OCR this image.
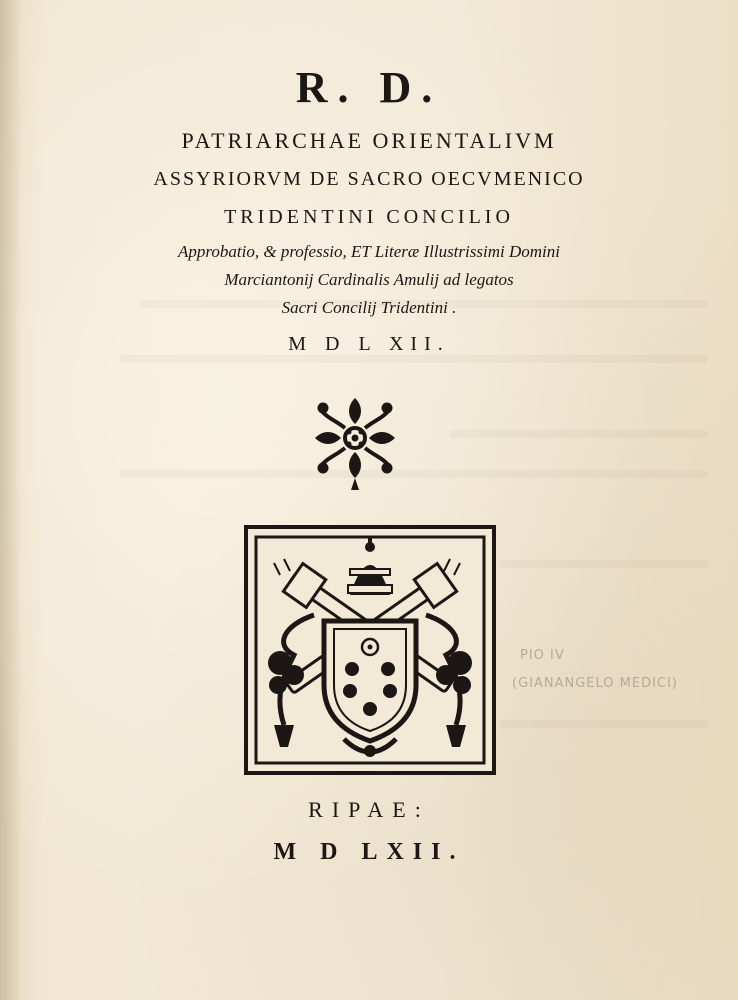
R. D.
PATRIARCHAE ORIENTALIVM
ASSYRIORVM DE SACRO OECVMENICO
TRIDENTINI CONCILIO
Approbatio, & professio, ET Literæ Illustrissimi Domini
Marciantonij Cardinalis Amulij ad legatos
Sacri Concilij Tridentini .
M D L XII.
RIPAE:
M D LXII.
PIO IV
(GIANANGELO MEDICI)
